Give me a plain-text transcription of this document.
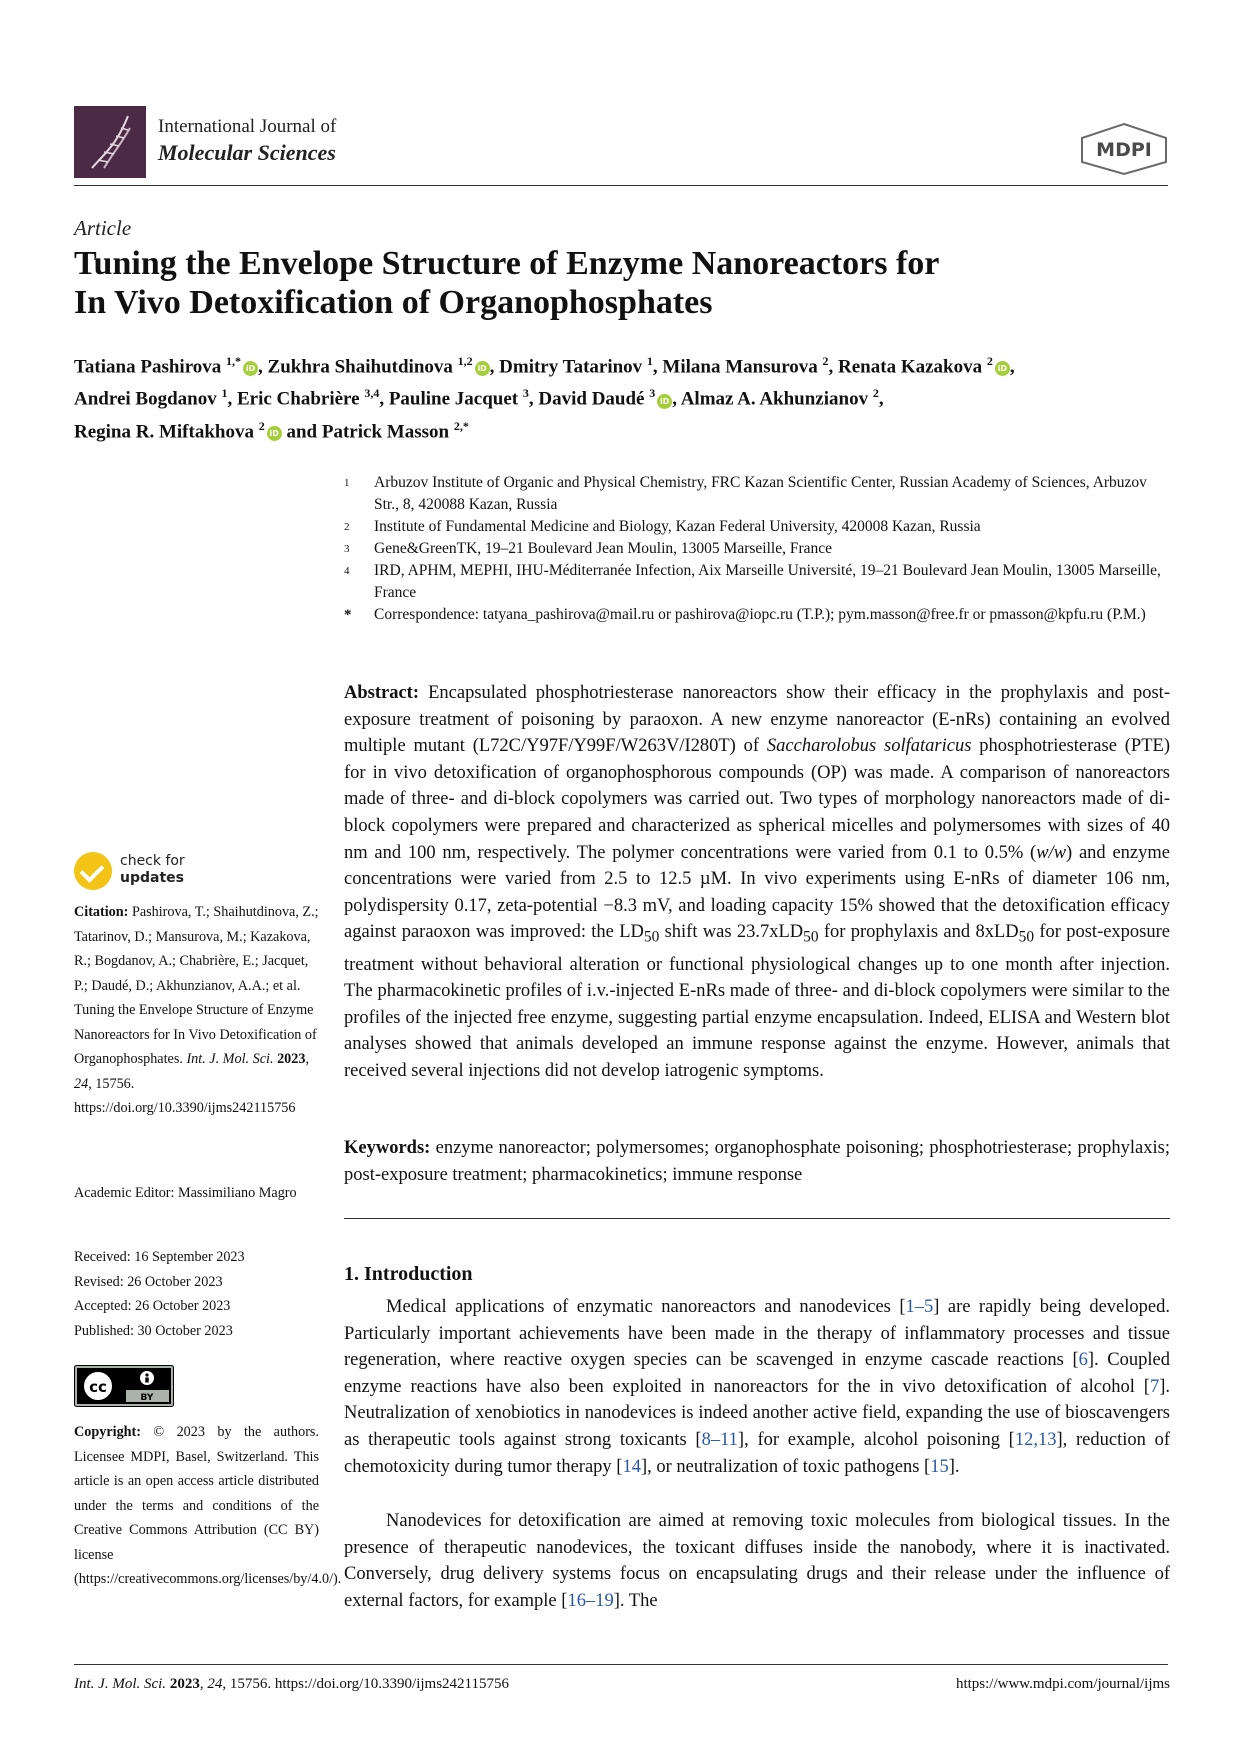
International Journal of
Molecular Sciences	MDPI
Article
Tuning the Envelope Structure of Enzyme Nanoreactors for
In Vivo Detoxification of Organophosphates
Tatiana Pashirova $^{1,*}$iD , Zukhra Shaihutdinova $^{1,2}$iD , Dmitry Tatarinov $^1$, Milana Mansurova $^2$, Renata Kazakova $^2$iD ,
Andrei Bogdanov $^1$, Eric Chabrière $^{3,4}$, Pauline Jacquet $^3$, David Daudé $^3$iD , Almaz A. Akhunzianov $^2$,
Regina R. Miftakhova $^2$iD and Patrick Masson $^{2,*}$
1 Arbuzov Institute of Organic and Physical Chemistry, FRC Kazan Scientific Center, Russian Academy of Sciences, Arbuzov Str., 8, 420088 Kazan, Russia
2 Institute of Fundamental Medicine and Biology, Kazan Federal University, 420008 Kazan, Russia
3 Gene&GreenTK, 19–21 Boulevard Jean Moulin, 13005 Marseille, France
4 IRD, APHM, MEPHI, IHU-Méditerranée Infection, Aix Marseille Université, 19–21 Boulevard Jean Moulin, 13005 Marseille, France
* Correspondence: tatyana_pashirova@mail.ru or pashirova@iopc.ru (T.P.); pym.masson@free.fr or pmasson@kpfu.ru (P.M.)

Abstract: Encapsulated phosphotriesterase nanoreactors show their efficacy in the prophylaxis and post-exposure treatment of poisoning by paraoxon. A new enzyme nanoreactor (E-nRs) containing an evolved multiple mutant (L72C/Y97F/Y99F/W263V/I280T) of Saccharolobus solfataricus phosphotriesterase (PTE) for in vivo detoxification of organophosphorous compounds (OP) was made. A comparison of nanoreactors made of three- and di-block copolymers was carried out. Two types of morphology nanoreactors made of di-block copolymers were prepared and characterized as spherical micelles and polymersomes with sizes of 40 nm and 100 nm, respectively. The polymer concentrations were varied from 0.1 to 0.5% (w/w) and enzyme concentrations were varied from 2.5 to 12.5 µM. In vivo experiments using E-nRs of diameter 106 nm, polydispersity 0.17, zeta-potential −8.3 mV, and loading capacity 15% showed that the detoxification efficacy against paraoxon was improved: the $LD_{50}$ shift was 23.7xLD$_{50}$ for prophylaxis and 8xLD$_{50}$ for post-exposure treatment without behavioral alteration or functional physiological changes up to one month after injection. The pharmacokinetic profiles of i.v.-injected E-nRs made of three- and di-block copolymers were similar to the profiles of the injected free enzyme, suggesting partial enzyme encapsulation. Indeed, ELISA and Western blot analyses showed that animals developed an immune response against the enzyme. However, animals that received several injections did not develop iatrogenic symptoms.

Keywords: enzyme nanoreactor; polymersomes; organophosphate poisoning; phosphotriesterase; prophylaxis; post-exposure treatment; pharmacokinetics; immune response

1. Introduction

Medical applications of enzymatic nanoreactors and nanodevices [1–5] are rapidly being developed. Particularly important achievements have been made in the therapy of inflammatory processes and tissue regeneration, where reactive oxygen species can be scavenged in enzyme cascade reactions [6]. Coupled enzyme reactions have also been exploited in nanoreactors for the in vivo detoxification of alcohol [7]. Neutralization of xenobiotics in nanodevices is indeed another active field, expanding the use of bioscavengers as therapeutic tools against strong toxicants [8–11], for example, alcohol poisoning [12,13], reduction of chemotoxicity during tumor therapy [14], or neutralization of toxic pathogens [15].

Nanodevices for detoxification are aimed at removing toxic molecules from biological tissues. In the presence of therapeutic nanodevices, the toxicant diffuses inside the nanobody, where it is inactivated. Conversely, drug delivery systems focus on encapsulating drugs and their release under the influence of external factors, for example [16–19]. The

check for
updates

Citation: Pashirova, T.; Shaihutdinova, Z.; Tatarinov, D.; Mansurova, M.; Kazakova, R.; Bogdanov, A.; Chabrière, E.; Jacquet, P.; Daudé, D.; Akhunzianov, A.A.; et al. Tuning the Envelope Structure of Enzyme Nanoreactors for In Vivo Detoxification of Organophosphates. Int. J. Mol. Sci. 2023, 24, 15756. https://doi.org/10.3390/ijms242115756

Academic Editor: Massimiliano Magro

Received: 16 September 2023
Revised: 26 October 2023
Accepted: 26 October 2023
Published: 30 October 2023
cc
BY

Copyright: © 2023 by the authors. Licensee MDPI, Basel, Switzerland. This article is an open access article distributed under the terms and conditions of the Creative Commons Attribution (CC BY) license (https://creativecommons.org/licenses/by/4.0/).

Int. J. Mol. Sci. 2023, 24, 15756. https://doi.org/10.3390/ijms242115756	https://www.mdpi.com/journal/ijms
